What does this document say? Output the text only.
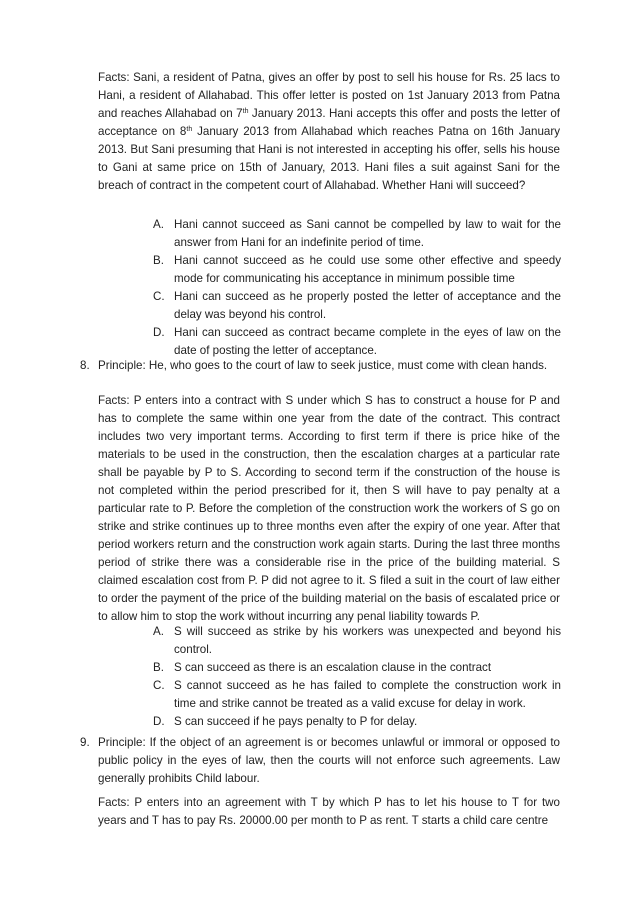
Facts: Sani, a resident of Patna, gives an offer by post to sell his house for Rs. 25 lacs to Hani, a resident of Allahabad. This offer letter is posted on 1st January 2013 from Patna and reaches Allahabad on 7th January 2013. Hani accepts this offer and posts the letter of acceptance on 8th January 2013 from Allahabad which reaches Patna on 16th January 2013. But Sani presuming that Hani is not interested in accepting his offer, sells his house to Gani at same price on 15th of January, 2013. Hani files a suit against Sani for the breach of contract in the competent court of Allahabad. Whether Hani will succeed?

A. Hani cannot succeed as Sani cannot be compelled by law to wait for the answer from Hani for an indefinite period of time.
B. Hani cannot succeed as he could use some other effective and speedy mode for communicating his acceptance in minimum possible time
C. Hani can succeed as he properly posted the letter of acceptance and the delay was beyond his control.
D. Hani can succeed as contract became complete in the eyes of law on the date of posting the letter of acceptance.
8. Principle: He, who goes to the court of law to seek justice, must come with clean hands.

Facts: P enters into a contract with S under which S has to construct a house for P and has to complete the same within one year from the date of the contract. This contract includes two very important terms. According to first term if there is price hike of the materials to be used in the construction, then the escalation charges at a particular rate shall be payable by P to S. According to second term if the construction of the house is not completed within the period prescribed for it, then S will have to pay penalty at a particular rate to P. Before the completion of the construction work the workers of S go on strike and strike continues up to three months even after the expiry of one year. After that period workers return and the construction work again starts. During the last three months period of strike there was a considerable rise in the price of the building material. S claimed escalation cost from P. P did not agree to it. S filed a suit in the court of law either to order the payment of the price of the building material on the basis of escalated price or to allow him to stop the work without incurring any penal liability towards P.

A. S will succeed as strike by his workers was unexpected and beyond his control.
B. S can succeed as there is an escalation clause in the contract
C. S cannot succeed as he has failed to complete the construction work in time and strike cannot be treated as a valid excuse for delay in work.
D. S can succeed if he pays penalty to P for delay.
9. Principle: If the object of an agreement is or becomes unlawful or immoral or opposed to public policy in the eyes of law, then the courts will not enforce such agreements. Law generally prohibits Child labour.

Facts: P enters into an agreement with T by which P has to let his house to T for two years and T has to pay Rs. 20000.00 per month to P as rent. T starts a child care centre
